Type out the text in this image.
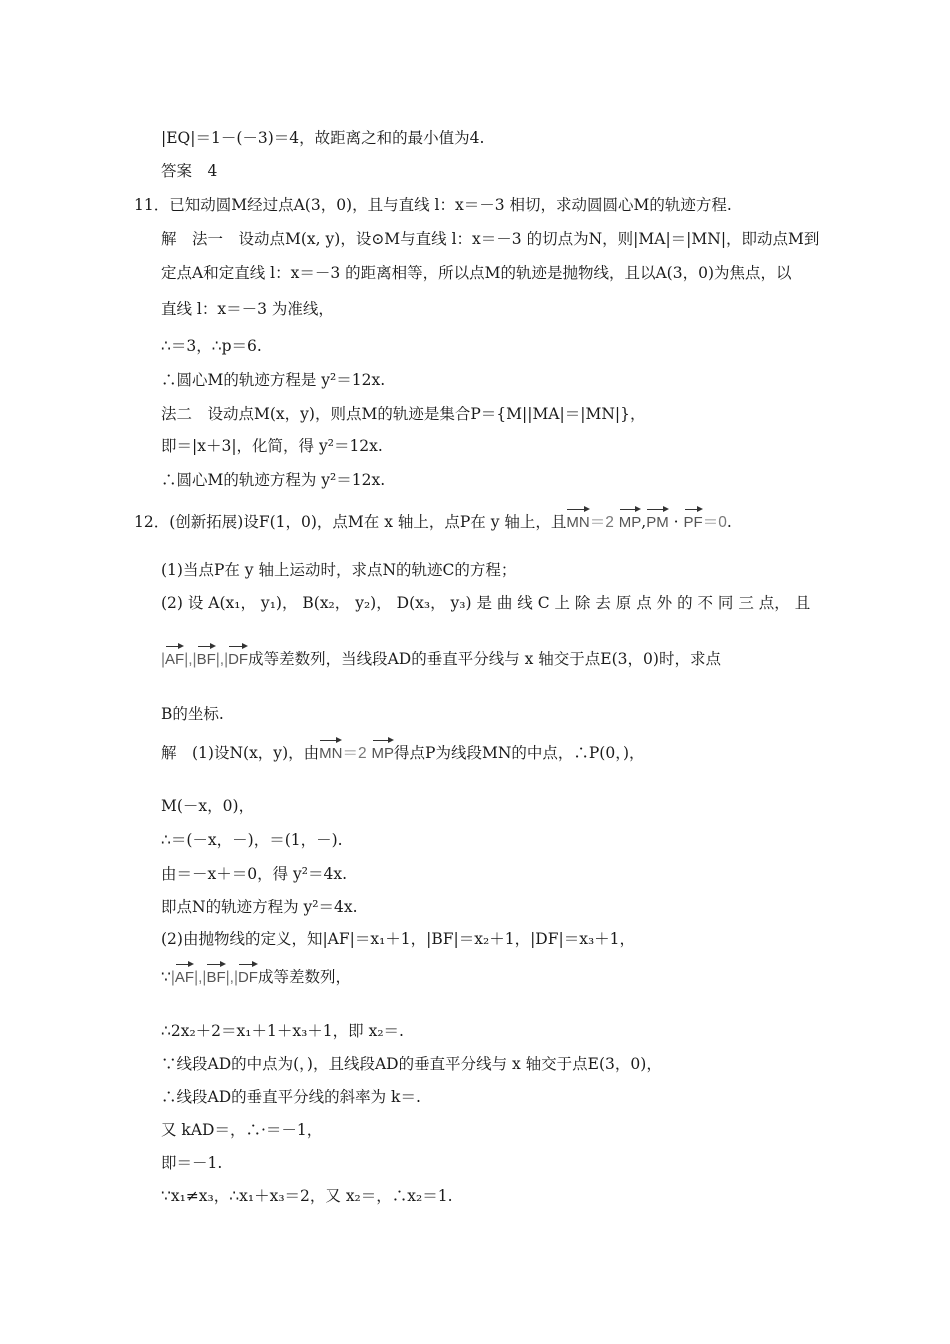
|EQ|＝1－(－3)＝4，故距离之和的最小值为4.
答案　4
11．已知动圆M经过点A(3，0)，且与直线 l：x＝－3 相切，求动圆圆心M的轨迹方程.
解　法一　设动点M(x, y)，设⊙M与直线 l：x＝－3 的切点为N，则|MA|＝|MN|，即动点M到
定点A和定直线 l：x＝－3 的距离相等，所以点M的轨迹是抛物线，且以A(3，0)为焦点，以
直线 l：x＝－3 为准线，
∴＝3，∴p＝6.
∴圆心M的轨迹方程是 y²＝12x.
法二　设动点M(x，y)，则点M的轨迹是集合P＝{M||MA|＝|MN|}，
即＝|x＋3|，化简，得 y²＝12x.
∴圆心M的轨迹方程为 y²＝12x.
12．(创新拓展)设F(1，0)，点M在 x 轴上，点P在 y 轴上，且MN＝2 MP,PM · PF＝0.
(1)当点P在 y 轴上运动时，求点N的轨迹C的方程；
(2) 设 A(x₁， y₁)， B(x₂， y₂)， D(x₃， y₃) 是 曲 线 C 上 除 去 原 点 外 的 不 同 三 点， 且
|AF|,|BF|,|DF成等差数列，当线段AD的垂直平分线与 x 轴交于点E(3，0)时，求点
B的坐标.
解　(1)设N(x，y)，由MN＝2 MP得点P为线段MN的中点，∴P(0，)，
M(－x，0)，
∴＝(－x，－)，＝(1，－).
由＝－x＋＝0，得 y²＝4x.
即点N的轨迹方程为 y²＝4x.
(2)由抛物线的定义，知|AF|＝x₁＋1，|BF|＝x₂＋1，|DF|＝x₃＋1，
∵|AF|,|BF|,|DF成等差数列，
∴2x₂＋2＝x₁＋1＋x₃＋1，即 x₂＝.
∵线段AD的中点为(，)，且线段AD的垂直平分线与 x 轴交于点E(3，0)，
∴线段AD的垂直平分线的斜率为 k＝.
又 kAD＝，∴·＝－1，
即＝－1.
∵x₁≠x₃，∴x₁＋x₃＝2，又 x₂＝，∴x₂＝1.
